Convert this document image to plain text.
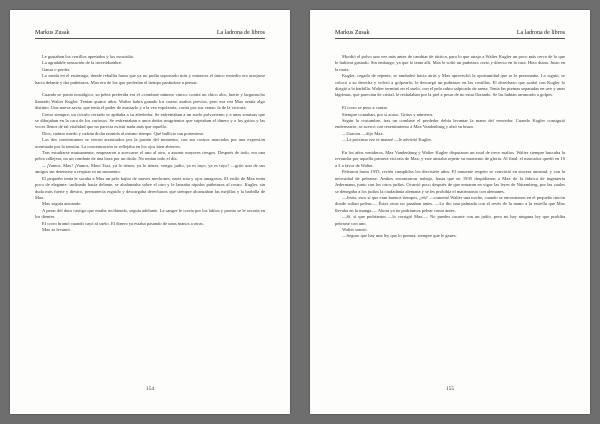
Markus Zusak	La ladrona de libros

Le gustaban los cerrillos apretados y los oscuridio.

La agradable sensación de la incertidumbre.

Ganar o perder.

Lo sentía en el estómago, donde rebullía hasta que ya no podía soportarlo más y entonces el único remedio era arrojarse hacia delante y dar puñetazos. Max era de los que preferían el tiempo parándose a pensar.

Cuando se ponía nostálgico, su pelea preferida era el «combate número cinco» contra un chico alto, fuerte y larguirucho llamado Walter Kugler. Tenían quince años. Walter había ganado los cuatro asaltos previos, pero esa vez Max sentía algo distinto. Una nueva savia, que tenía el poder de asustarlo y a la vez espolearla, corría por sus venas: la de la victoria.

Como siempre, un círculo cerrado se apiñaba a su alrededor. Se enfrentaban a un suelo polvoriento y a unas sonrisas que se dibujaban en la cara de los curiosos. Se enfrentaban a unos dedos mugrientos que sujetaban el dinero y a los gritos y las voces llenos de tal vitalidad que no parecía existir nada más que aquello.

Dios, cuánto miedo y cuánta dicha reunida al mismo tiempo. Qué bullicio tan portentoso.

Los dos contrincantes se vieron arrastrados por la pasión del momento, con sus rostros marcados por una expresión acentuada por la tensión. La concentración se reflejaba en los ojos bien abiertos.

Tras estudiarse mutuamente, empezaron a acercarse el uno al otro, a asumir mayores riesgos. Después de todo, era una pelea callejera, no un combate de una hora por un título. No tenían todo el día.

—¡Vamos, Max! ¡Vamos, Maxi Taxi, ya lo tienes, ya lo tienes, venga, judío, ya es tuyo, ya es tuyo! —gritó uno de sus amigos sin detenerse a respirar ni un momento.

El pequeño tenía le sacaba a Max un pelo bajito de suaves mechones, nariz rota y ojos amagosos. El estilo de Max tenía poco de elegante: inclinado hacia delante, se abalanzaba sobre el otro y le lanzaba rápidos puñetazos al rostro. Kugler, sin duda más fuerte y diestro, permanecía erguido y descargaba derechazos que siempre alcanzaban las mejillas y la barbilla de Max.

Max seguía atacando.

A pesar del duro castigo que estaba recibiendo, seguía adelante. La sangre le corría por los labios y pronto se le secaría en los dientes.

El corro bramó cuando cayó al suelo. El dinero ya estaba pasando de unas manos a otras.

Max se levantó.

154
Markus Zusak	La ladrona de libros

Mordió el polvo una vez más antes de cambiar de táctica, para lo que atrajo a Walter Kugler un poco más cerca de lo que le hubiera gustado. Sin embargo, ya que lo tenía allí, Max le soltó un puñetazo corto y directo en la cara. Hizo diana. Justo en la nariz.

Kugler, cegado de repente, se tambaleó hacia atrás y Max aprovechó la oportunidad que se le presentaba. Lo siguió, se colocó a su derecha y volvió a golpearlo; le descargó un puñetazo en las costillas. El derechazo que acabó con Kugler lo dirigió a la barbilla. Walter terminó en el suelo, con el pelo rubio salpicado de arena. Tenía las piernas separadas en uve y unas lágrimas, que parecían de cristal, le resbalaban por la piel a pesar de no estar llorando. Se las habían arrancado a golpes.

El corro se puso a contar.

Siempre contaban, por si acaso. Gritos y números.

Según la costumbre, tras un combate el perdedor debía levantar la mano del vencedor. Cuando Kugler consiguió enderezarse, se acercó con resentimiento a Max Vandenburg y alzó su brazo.

—Gracias —dijo Max.

—La próxima vez te mataré —le advirtió Kugler.

En los años venideros, Max Vandenburg y Walter Kugler disputaron un total de trece asaltos. Walter siempre buscaba la revancha por aquella primera victoria de Max, y este ansiaba repetir su momento de gloria. Al final, el marcador quedó en 10 a 3 a favor de Walter.

Pelearon hasta 1933, recién cumplidos los diecisiete años. El renuente respeto se convirtió en sincera amistad, y con la necesidad de pelearse. Ambos encontraron trabajo, hasta que en 1935 despidieron a Max de la fábrica de ingeniería Jedermann, junto con los otros judíos. Ocurrió poco después de que entraran en vigor las leyes de Núremberg, por las cuales se denegaba a los judíos la ciudadanía alemana y se les prohibía el matrimonio con alemanes.

—Jesús, esos sí que eran buenos tiempos, ¿eh? —comentó Walter una noche, cuando se encontraron en el pequeño rincón donde solían pelear—. Éstas otras no pasaban antes. —Le dio una palmada con el revés de la mano a la estrella que Max llevaba en la manga—. Ahora ya no podríamos pelear como antes.

—Sí, sí que podríamos —lo corrigió Max—. No puedes casarte con un judío, pero no hay ninguna ley que prohíba pelearse con uno.

Walter sonrió.

—Seguro que hay una ley que lo premia, siempre que le ganes.

155
